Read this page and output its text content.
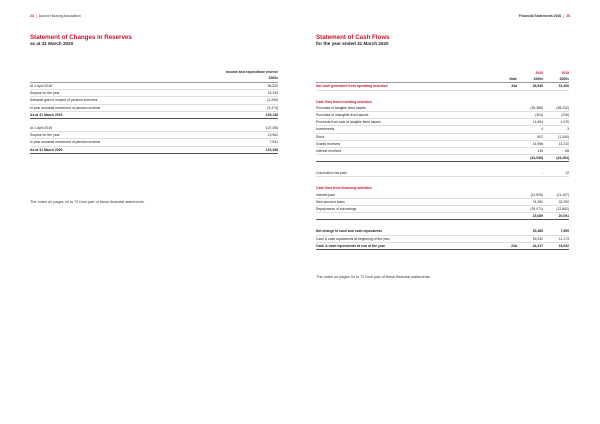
24 | Accord Housing Association	Financial Statements 2020 | 25
Statement of Changes in Reserves
as at 31 March 2020
Income and expenditure reserve
£000s
At 1 April 2018	96,529
Surplus for the year	15,333
Actuarial gain in respect of pension schemes	(3,250)
In year actuarial movement of pension scheme	(3,474)
As at 31 March 2019	105,138
At 1 April 2019	107,398
Surplus for the year	13,962
In year actuarial movement of pension scheme	7,941
As at 31 March 2020	123,398
The notes on pages 44 to 72 form part of these financial statements.
Statement of Cash Flows
for the year ended 31 March 2020
2020	2019
Note	£000s	£000s
Net cash generated from operating activities	24a	28,646	31,400
Cash flow from investing activities
Purchase of tangible fixed assets	(30,388)	(38,232)
Purchase of intangible fixed assets	(304)	(226)
Proceeds from sale of tangible fixed assets	11,694	1,076
Investments	4	3
Stock	602	(1,440)
Grants received	14,956	14,210
Interest received	139	68
(34,036)	(44,264)
Corporation tax paid	-	12
Cash flow from financing activities
Interest paid	(11,926)	(11,447)
New secured loans	74,350	32,250
Repayments of borrowings	(29,071)	(12,862)
15,089	20,091
Net change in cash and cash equivalents	25,485	7,859
Cash & cash equivalents at beginning of the year	18,932	11,173
Cash & cash equivalents at end of the year	24b	44,417	18,932
The notes on pages 44 to 72 form part of these financial statements.
